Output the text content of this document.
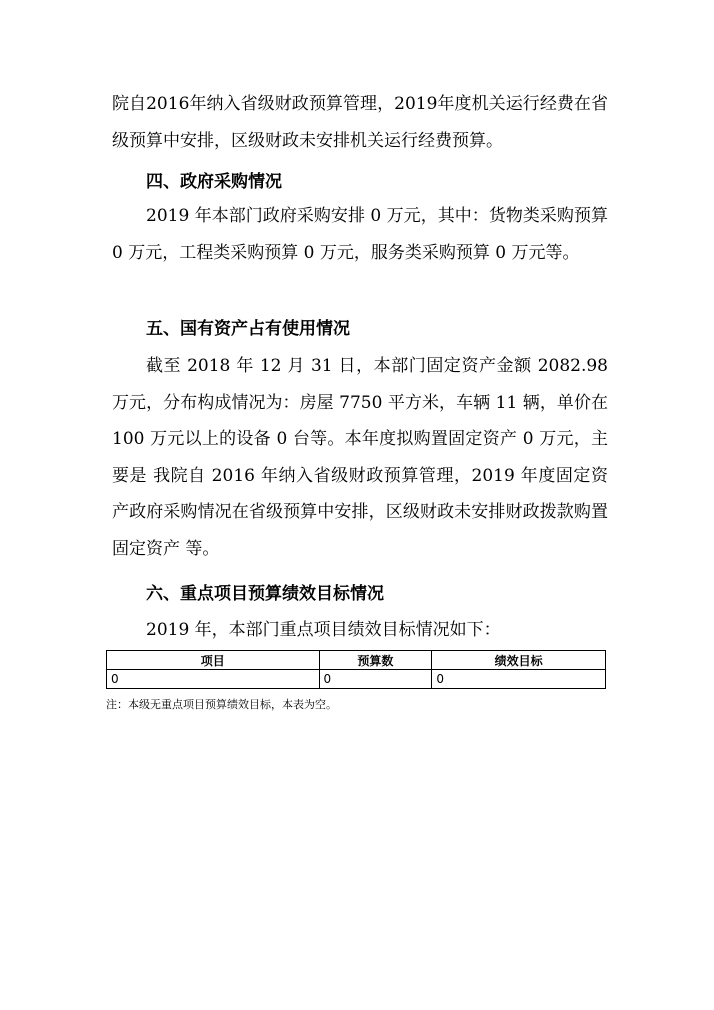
院自2016年纳入省级财政预算管理，2019年度机关运行经费在省级预算中安排，区级财政未安排机关运行经费预算。

四、政府采购情况

2019 年本部门政府采购安排 0 万元，其中：货物类采购预算 0 万元，工程类采购预算 0 万元，服务类采购预算 0 万元等。

五、国有资产占有使用情况

截至 2018 年 12 月 31 日，本部门固定资产金额 2082.98 万元，分布构成情况为：房屋 7750 平方米，车辆 11 辆，单价在 100 万元以上的设备 0 台等。本年度拟购置固定资产 0 万元，主要是 我院自 2016 年纳入省级财政预算管理，2019 年度固定资产政府采购情况在省级预算中安排，区级财政未安排财政拨款购置固定资产 等。

六、重点项目预算绩效目标情况

2019 年，本部门重点项目绩效目标情况如下：

项目	预算数	绩效目标
0	0	0

注：本级无重点项目预算绩效目标，本表为空。
